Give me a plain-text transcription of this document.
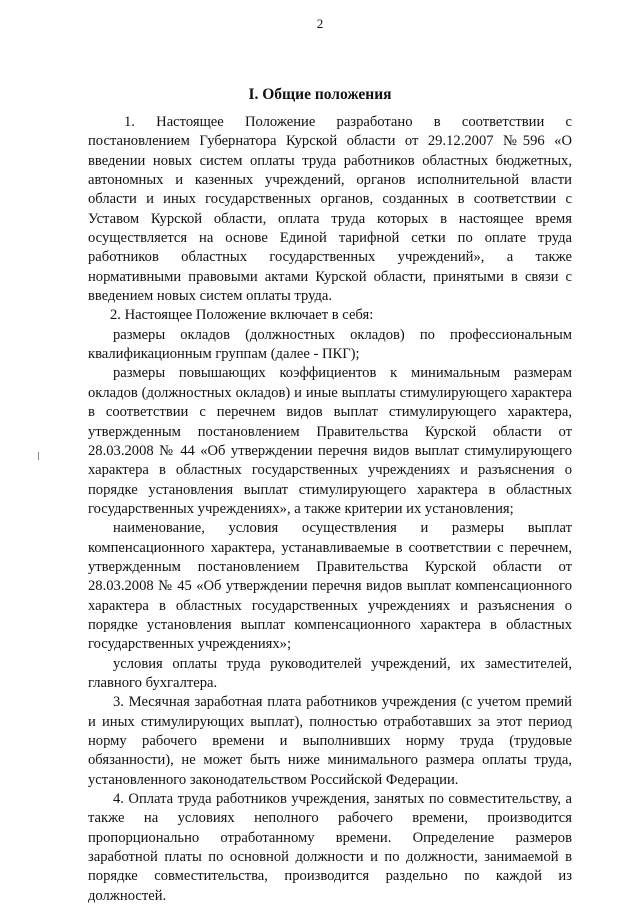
2
I. Общие положения

1. Настоящее Положение разработано в соответствии с постановлением Губернатора Курской области от 29.12.2007 №596 «О введении новых систем оплаты труда работников областных бюджетных, автономных и казенных учреждений, органов исполнительной власти области и иных государственных органов, созданных в соответствии с Уставом Курской области, оплата труда которых в настоящее время осуществляется на основе Единой тарифной сетки по оплате труда работников областных государственных учреждений», а также нормативными правовыми актами Курской области, принятыми в связи с введением новых систем оплаты труда.

2. Настоящее Положение включает в себя:

размеры окладов (должностных окладов) по профессиональным квалификационным группам (далее - ПКГ);

размеры повышающих коэффициентов к минимальным размерам окладов (должностных окладов) и иные выплаты стимулирующего характера в соответствии с перечнем видов выплат стимулирующего характера, утвержденным постановлением Правительства Курской области от 28.03.2008 № 44 «Об утверждении перечня видов выплат стимулирующего характера в областных государственных учреждениях и разъяснения о порядке установления выплат стимулирующего характера в областных государственных учреждениях», а также критерии их установления;

наименование, условия осуществления и размеры выплат компенсационного характера, устанавливаемые в соответствии с перечнем, утвержденным постановлением Правительства Курской области от 28.03.2008 № 45 «Об утверждении перечня видов выплат компенсационного характера в областных государственных учреждениях и разъяснения о порядке установления выплат компенсационного характера в областных государственных учреждениях»;

условия оплаты труда руководителей учреждений, их заместителей, главного бухгалтера.

3. Месячная заработная плата работников учреждения (с учетом премий и иных стимулирующих выплат), полностью отработавших за этот период норму рабочего времени и выполнивших норму труда (трудовые обязанности), не может быть ниже минимального размера оплаты труда, установленного законодательством Российской Федерации.

4. Оплата труда работников учреждения, занятых по совместительству, а также на условиях неполного рабочего времени, производится пропорционально отработанному времени. Определение размеров заработной платы по основной должности и по должности, занимаемой в порядке совместительства, производится раздельно по каждой из должностей.
